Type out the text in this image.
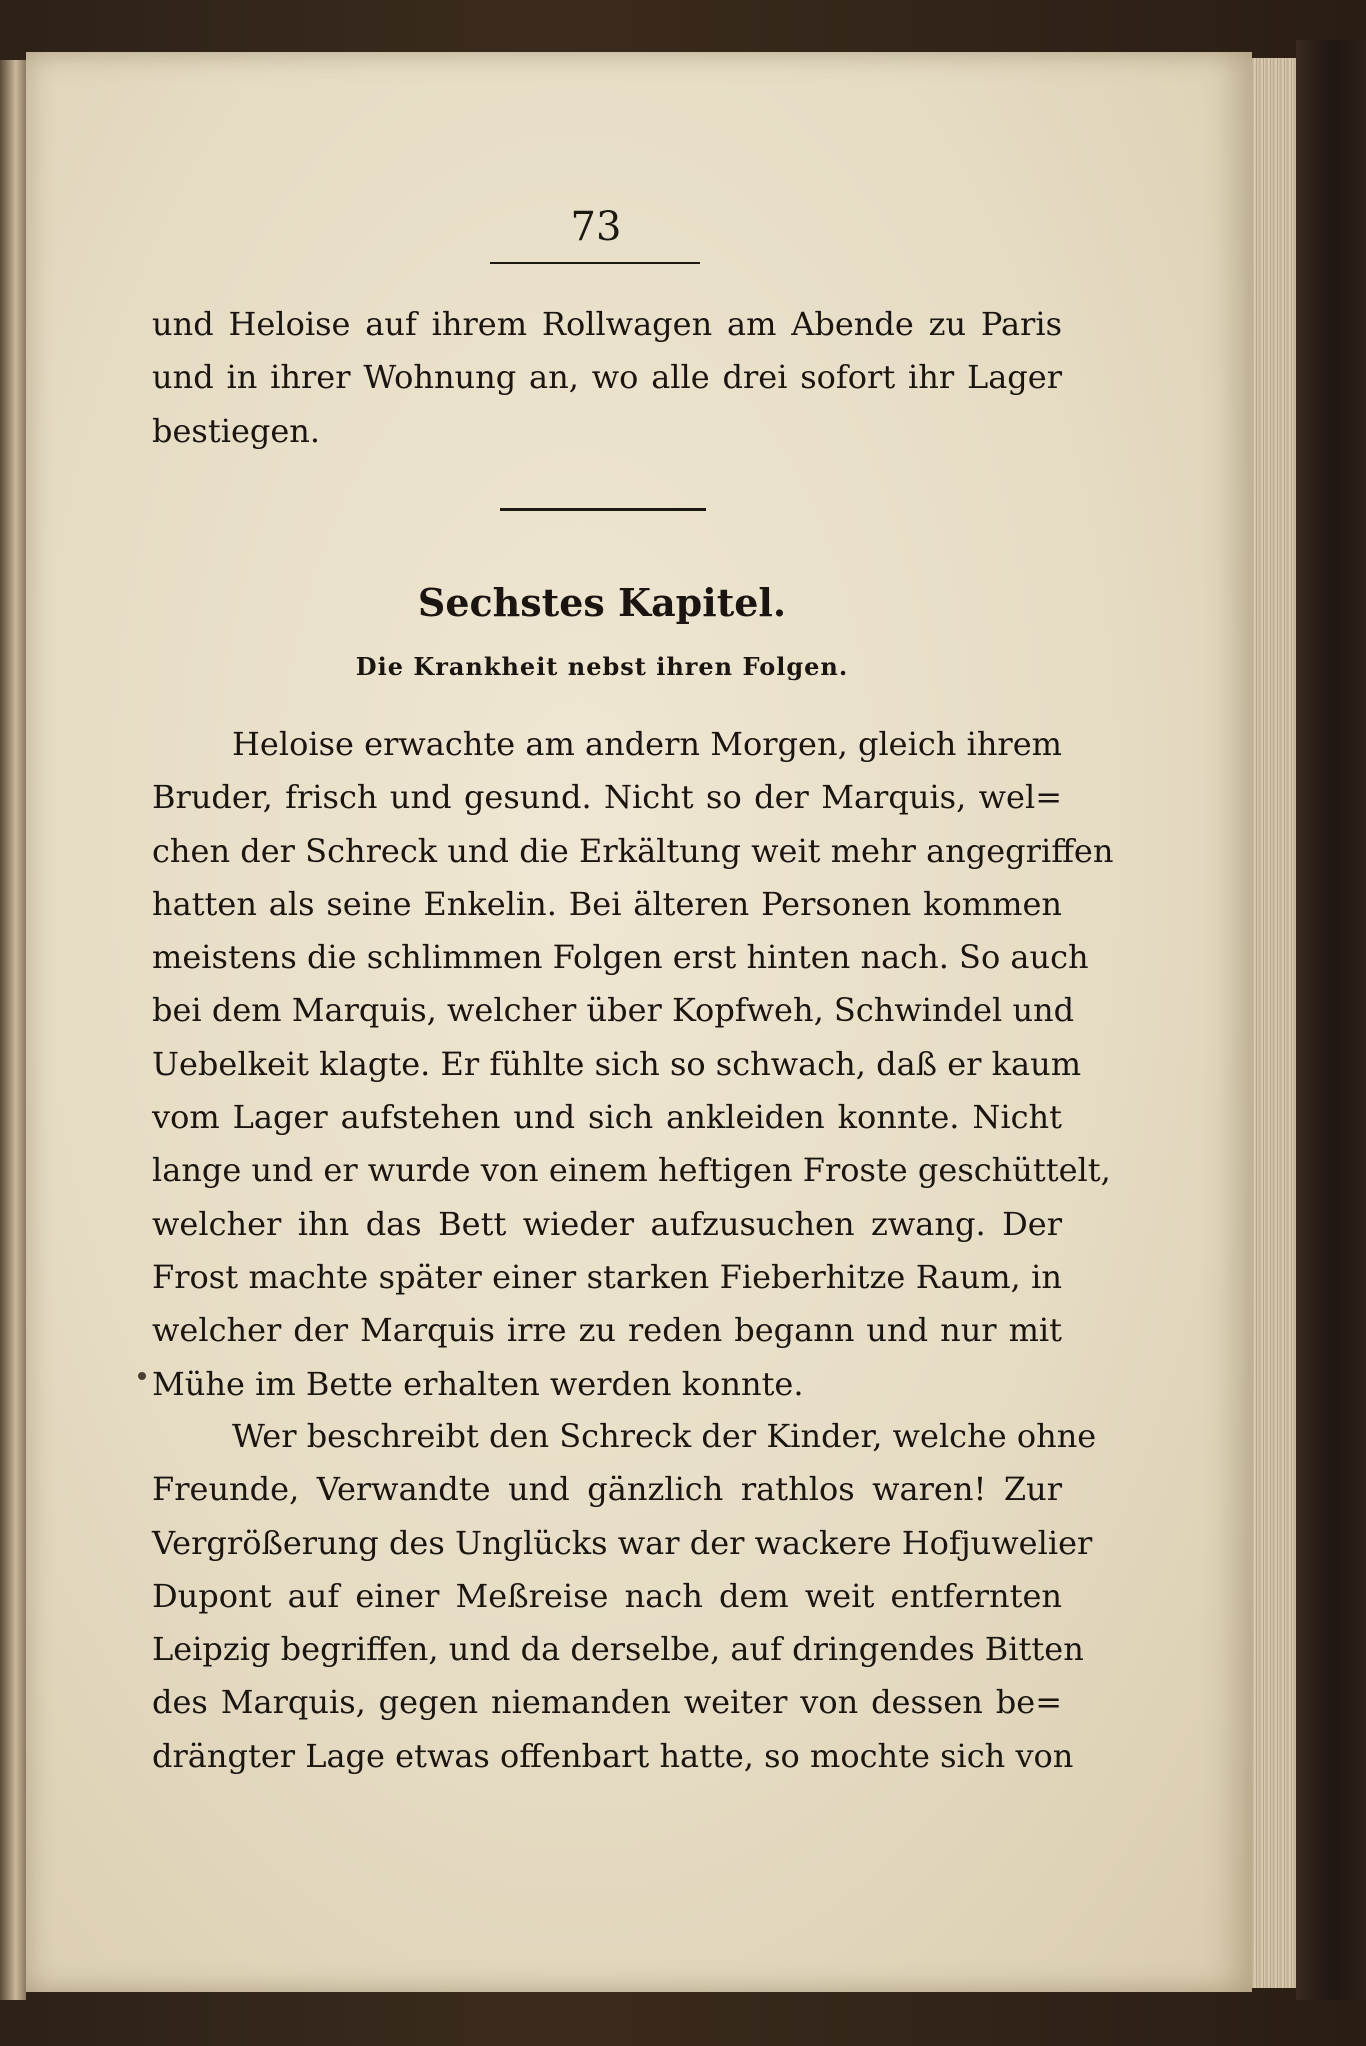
73
und Heloise auf ihrem Rollwagen am Abende zu Paris
und in ihrer Wohnung an, wo alle drei sofort ihr Lager
bestiegen.
Sechstes Kapitel.
Die Krankheit nebst ihren Folgen.
Heloise erwachte am andern Morgen, gleich ihrem
Bruder, frisch und gesund. Nicht so der Marquis, wel=
chen der Schreck und die Erkältung weit mehr angegriffen
hatten als seine Enkelin. Bei älteren Personen kommen
meistens die schlimmen Folgen erst hinten nach. So auch
bei dem Marquis, welcher über Kopfweh, Schwindel und
Uebelkeit klagte. Er fühlte sich so schwach, daß er kaum
vom Lager aufstehen und sich ankleiden konnte. Nicht
lange und er wurde von einem heftigen Froste geschüttelt,
welcher ihn das Bett wieder aufzusuchen zwang. Der
Frost machte später einer starken Fieberhitze Raum, in
welcher der Marquis irre zu reden begann und nur mit
Mühe im Bette erhalten werden konnte.
Wer beschreibt den Schreck der Kinder, welche ohne
Freunde, Verwandte und gänzlich rathlos waren! Zur
Vergrößerung des Unglücks war der wackere Hofjuwelier
Dupont auf einer Meßreise nach dem weit entfernten
Leipzig begriffen, und da derselbe, auf dringendes Bitten
des Marquis, gegen niemanden weiter von dessen be=
drängter Lage etwas offenbart hatte, so mochte sich von
